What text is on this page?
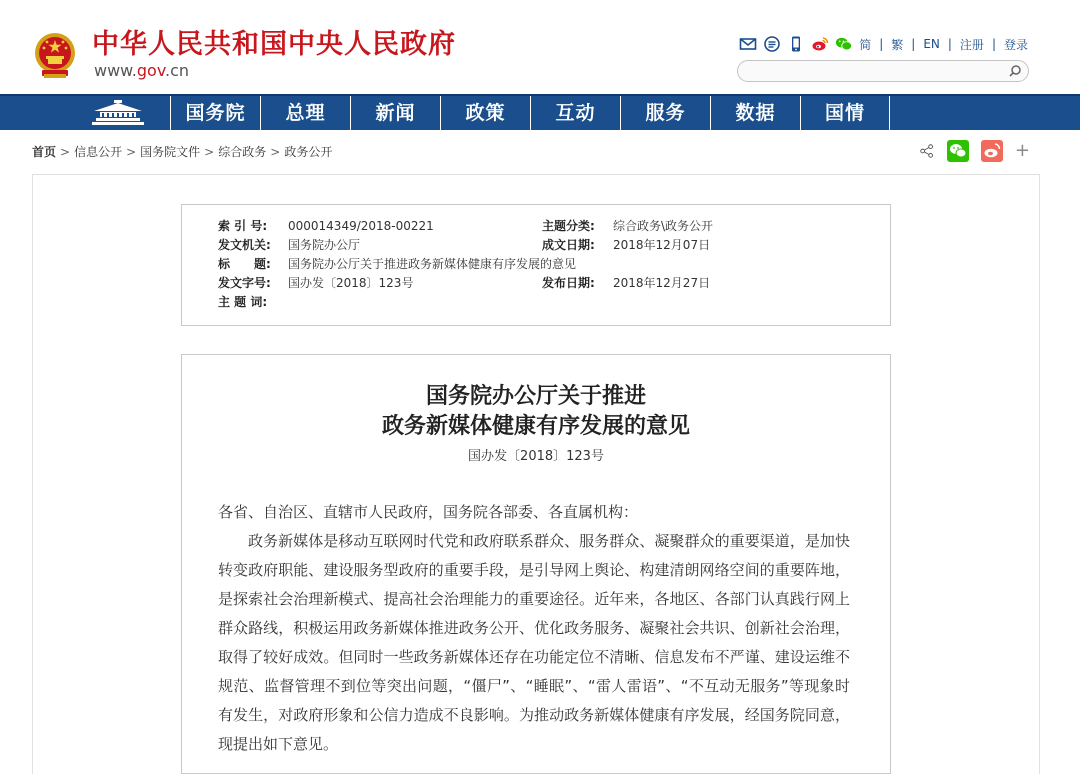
中华人民共和国中央人民政府
www.gov.cn
简 | 繁 | EN | 注册 | 登录
国务院	总理	新闻	政策	互动	服务	数据	国情
首页 > 信息公开 > 国务院文件 > 综合政务 > 政务公开	+
索 引 号: 000014349/2018-00221	主题分类: 综合政务\政务公开
发文机关: 国务院办公厅	成文日期: 2018年12月07日
标　　题: 国务院办公厅关于推进政务新媒体健康有序发展的意见
发文字号: 国办发〔2018〕123号	发布日期: 2018年12月27日
主 题 词:
国务院办公厅关于推进
政务新媒体健康有序发展的意见
国办发〔2018〕123号
各省、自治区、直辖市人民政府，国务院各部委、各直属机构：
政务新媒体是移动互联网时代党和政府联系群众、服务群众、凝聚群众的重要渠道，是加快转变政府职能、建设服务型政府的重要手段，是引导网上舆论、构建清朗网络空间的重要阵地，是探索社会治理新模式、提高社会治理能力的重要途径。近年来，各地区、各部门认真践行网上群众路线，积极运用政务新媒体推进政务公开、优化政务服务、凝聚社会共识、创新社会治理，取得了较好成效。但同时一些政务新媒体还存在功能定位不清晰、信息发布不严谨、建设运维不规范、监督管理不到位等突出问题，“僵尸”、“睡眠”、“雷人雷语”、“不互动无服务”等现象时有发生，对政府形象和公信力造成不良影响。为推动政务新媒体健康有序发展，经国务院同意，现提出如下意见。
